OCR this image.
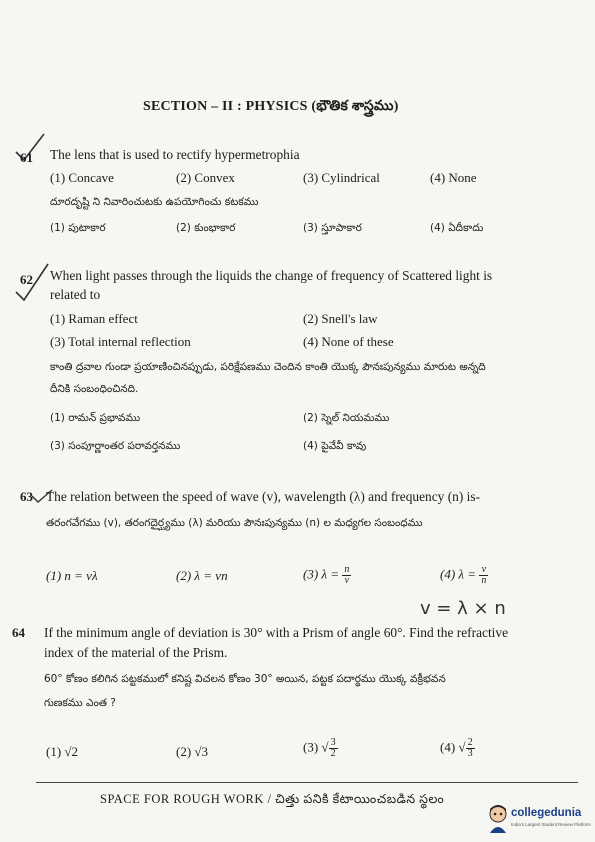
SECTION – II : PHYSICS (భౌతిక శాస్త్రము)
61 The lens that is used to rectify hypermetrophia
(1) Concave	(2) Convex	(3) Cylindrical	(4) None
దూరదృష్టి ని నివారించుటకు ఉపయోగించు కటకము
(1) పుటాకార	(2) కుంభాకార	(3) స్తూపాకార	(4) ఏదీకాదు
62 When light passes through the liquids the change of frequency of Scattered light is
related to
(1) Raman effect	(2) Snell's law
(3) Total internal reflection	(4) None of these
కాంతి ద్రవాల గుండా ప్రయాణించినప్పుడు, పరిక్షేపణము చెందిన కాంతి యొక్క పౌనఃపున్యము మారుట అన్నది
దీనికి సంబంధించినది.
(1) రామన్ ప్రభావము	(2) స్నెల్ నియమము
(3) సంపూర్ణాంతర పరావర్తనము	(4) పైవేవీ కావు
63 The relation between the speed of wave (v), wavelength (λ) and frequency (n) is-
తరంగవేగము (v), తరంగదైర్ఘ్యము (λ) మరియు పౌనఃపున్యము (n) ల మధ్యగల సంబంధము
(1) n = vλ	(2) λ = vn	(3) $\lambda = \frac{n}{v}$	(4) $\lambda = \frac{v}{n}$
v = λ × n
64 If the minimum angle of deviation is 30° with a Prism of angle 60°. Find the refractive
index of the material of the Prism.
60° కోణం కలిగిన పట్టకములో కనిష్ట విచలన కోణం 30° అయిన, పట్టక పదార్థము యొక్క వక్రీభవన
గుణకము ఎంత ?
(1) √2	(2) √3	(3) √ $\frac{3}{2}$	(4) √ $\frac{2}{3}$
SPACE FOR ROUGH WORK / చిత్తు పనికి కేటాయించబడిన స్థలం
collegedunia
India's Largest Student Review Platform
